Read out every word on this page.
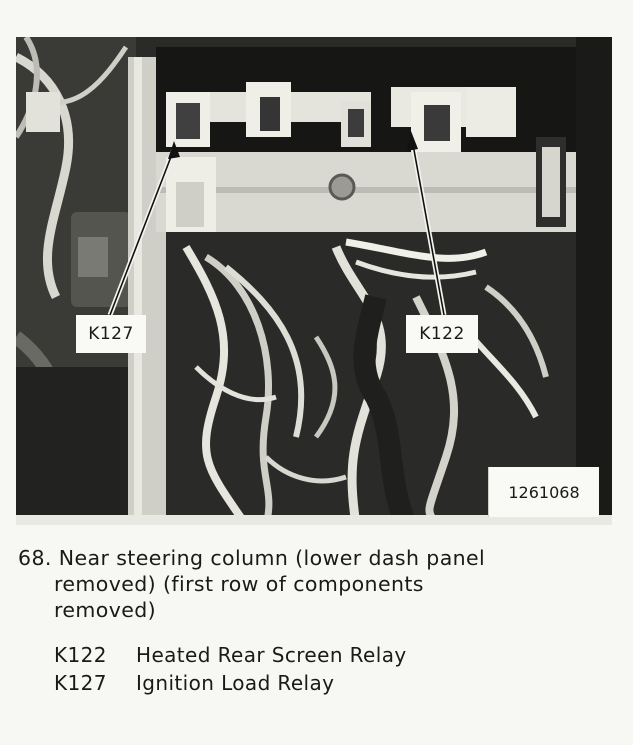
K127	K122
1261068
68. Near steering column (lower dash panel
removed) (first row of components
removed)
K122	Heated Rear Screen Relay
K127	Ignition Load Relay
